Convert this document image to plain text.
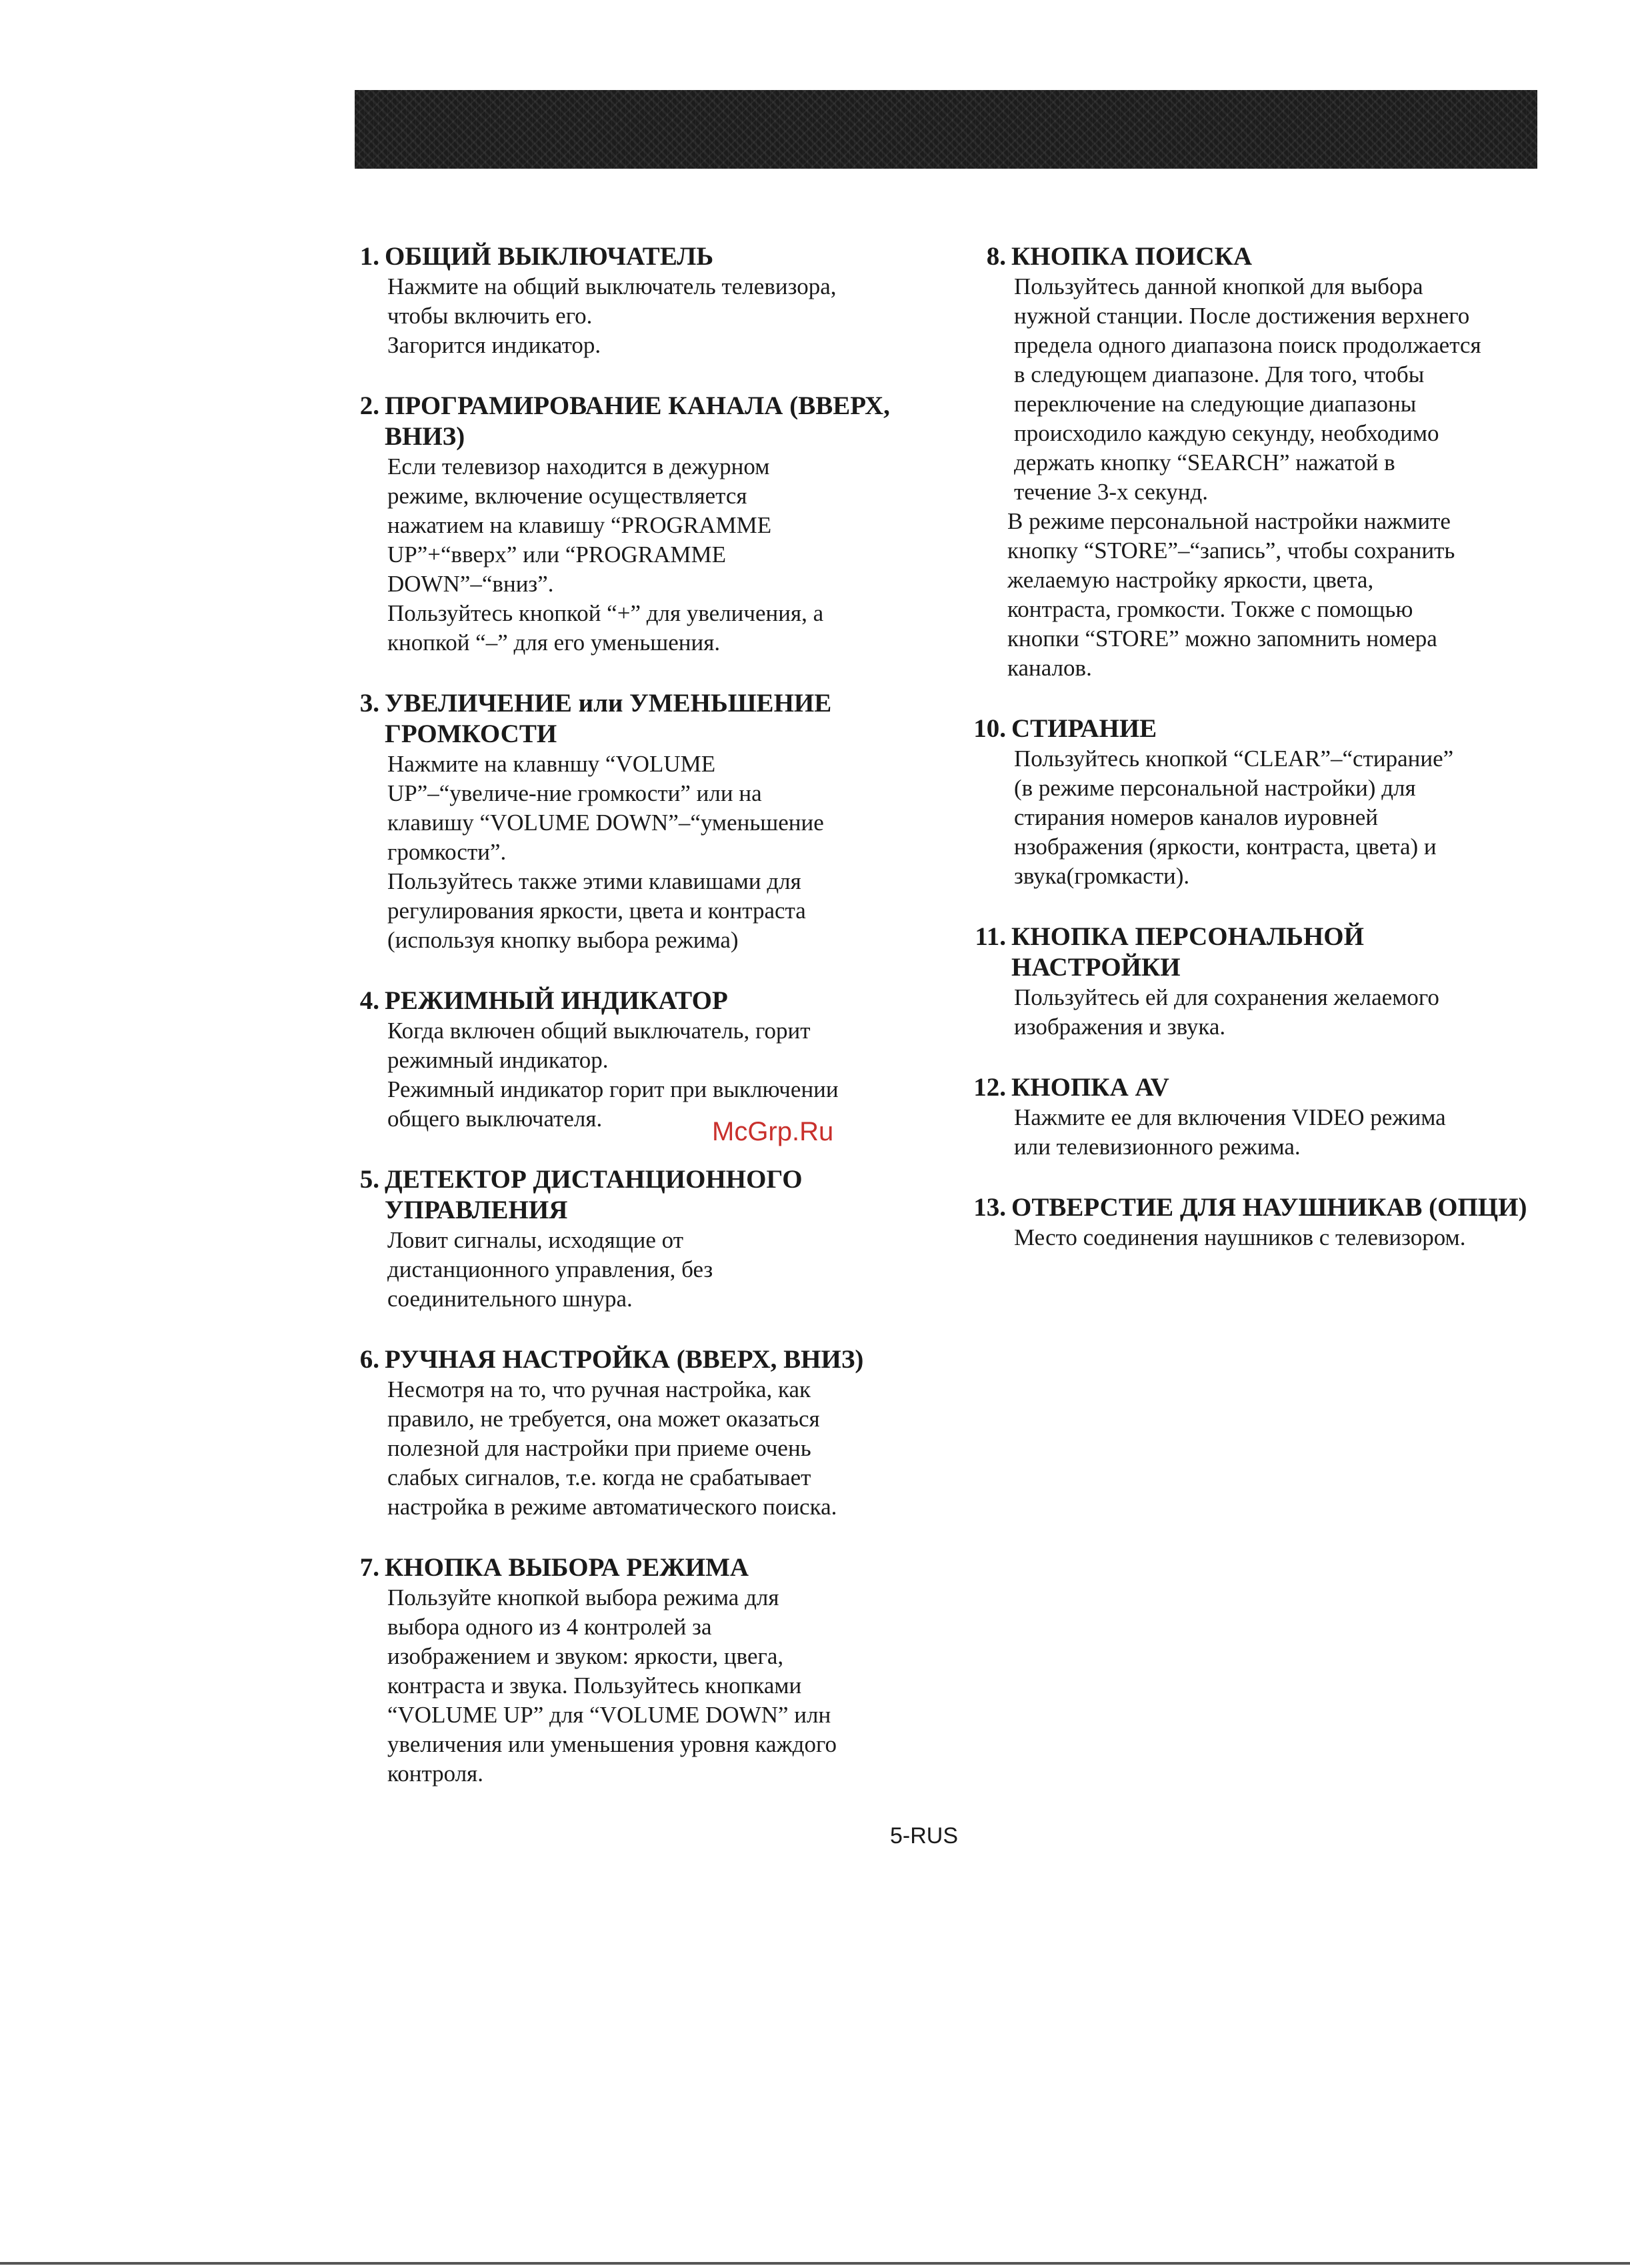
1. ОБЩИЙ ВЫКЛЮЧАТЕЛЬ

Нажмите на общий выключатель телевизора,
чтобы включить его.

Загорится индикатор.

2. ПРОГРАМИРОВАНИЕ КАНАЛА (ВВЕРХ,
ВНИЗ)

Если телевизор находится в дежурном
режиме, включение осуществляется
нажатием на клавишу “PROGRAMME
UP”+“вверх” или “PROGRAMME
DOWN”–“вниз”.

Пользуйтесь кнопкой “+” для увеличения, а
кнопкой “–” для его уменьшения.

3. УВЕЛИЧЕНИЕ или УМЕНЬШЕНИЕ
ГРОМКОСТИ

Нажмите на клавншу “VOLUME
UP”–“увеличе-ние громкости” или на
клавишу “VOLUME DOWN”–“уменьшение
громкости”.

Пользуйтесь также этими клавишами для
регулирования яркости, цвета и контраста
(используя кнопку выбора режима)

4. РЕЖИМНЫЙ ИНДИКАТОР

Когда включен общий выключатель, горит
режимный индикатор.

Режимный индикатор горит при выключении
общего выключателя.

5. ДЕТЕКТОР ДИСТАНЦИОННОГО
УПРАВЛЕНИЯ

Ловит сигналы, исходящие от
дистанционного управления, без
соединительного шнура.

6. РУЧНАЯ НАСТРОЙКА (ВВЕРХ, ВНИЗ)

Несмотря на то, что ручная настройка, как
правило, не требуется, она может оказаться
полезной для настройки при приеме очень
слабых сигналов, т.е. когда не срабатывает
настройка в режиме автоматического поиска.

7. КНОПКА ВЫБОРА РЕЖИМА

Пользуйте кнопкой выбора режима для
выбора одного из 4 контролей за
изображением и звуком: яркости, цвега,
контраста и звука. Пользуйтесь кнопками
“VOLUME UP” для “VOLUME DOWN” илн
увеличения или уменьшения уровня каждого
контроля.

8. КНОПКА ПОИСКА

Пользуйтесь данной кнопкой для выбора
нужной станции. После достижения верхнего
предела одного диапазона поиск продолжается
в следующем диапазоне. Для того, чтобы
переключение на следующие диапазоны
происходило каждую секунду, необходимо
держать кнопку “SEARCH” нажатой в
течение 3-х секунд.

В режиме персональной настройки нажмите
кнопку “STORE”–“запись”, чтобы сохранить
желаемую настройку яркости, цвета,
контраста, громкости. Тoкже с помощью
кнопки “STORE” можно запомнить номера
каналов.

10. СТИРАНИЕ

Пользуйтесь кнопкой “CLEAR”–“стирание”
(в режиме персональной настройки) для
стирания номеров каналов иуровней
нзображения (яркости, контраста, цвета) и
звука(громкасти).

11. КНОПКА ПЕРСОНАЛЬНОЙ
НАСТРОЙКИ

Пользуйтесь ей для сохранения желаемого
изображения и звука.

12. КНОПКА AV

Нажмите ее для включения VIDEO режима
или телевизионного режима.

13. ОТВЕРСТИЕ ДЛЯ НАУШНИКАВ (ОПЦИ)

Место соединения наушников с телевизором.

McGrp.Ru
5-RUS
